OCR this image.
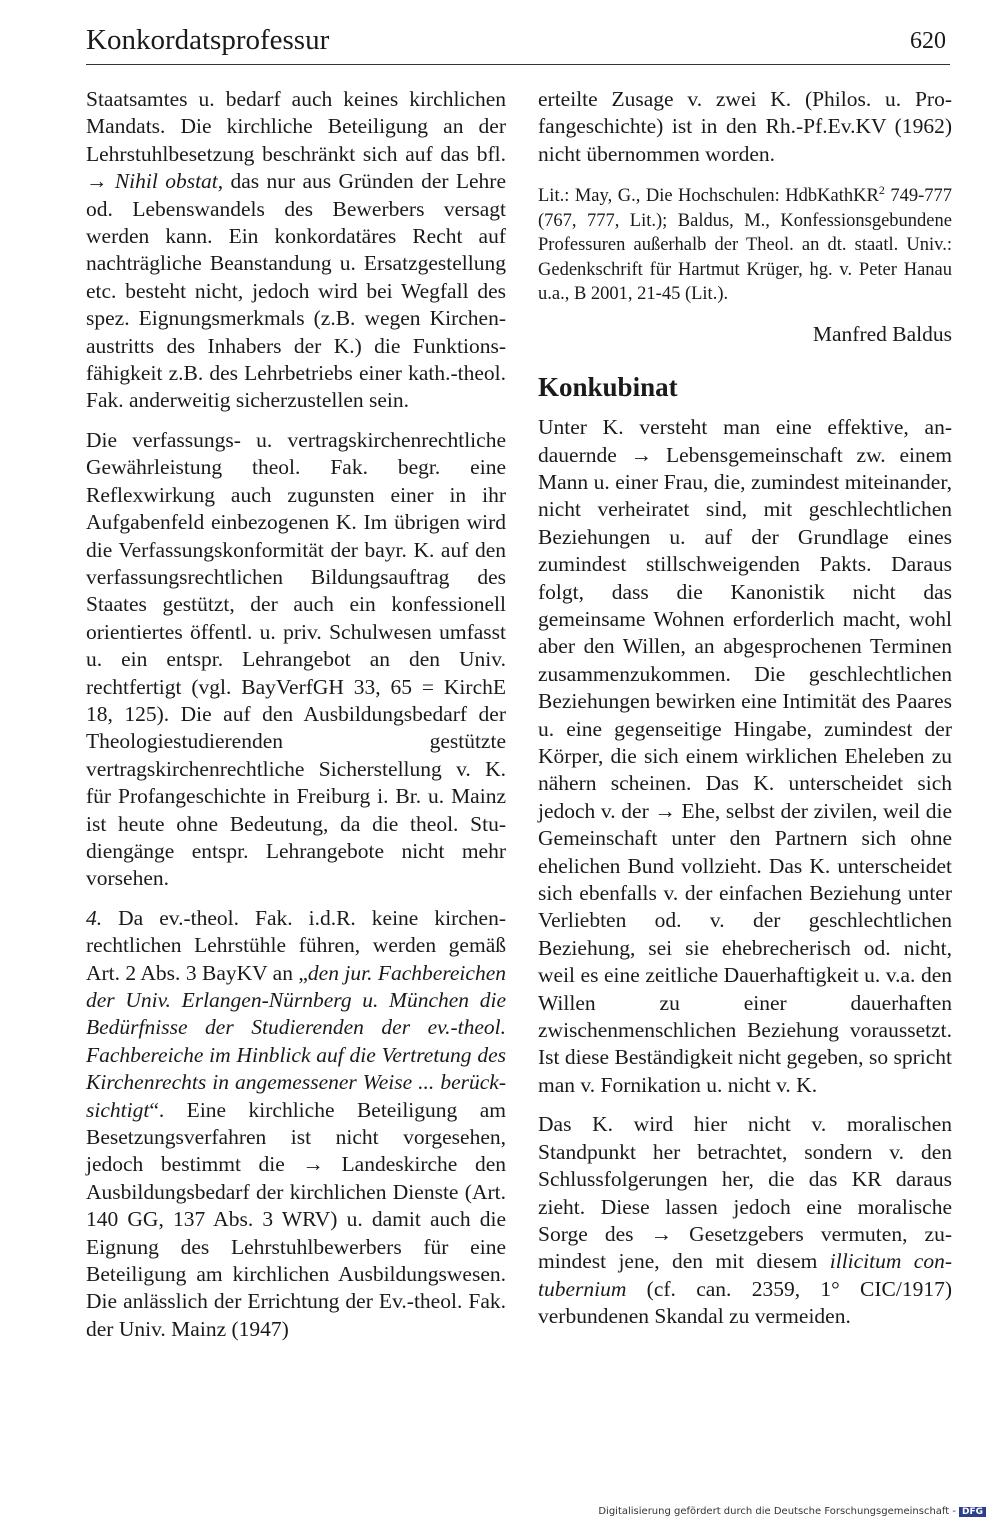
Konkordatsprofessur	620

Staatsamtes u. bedarf auch keines kirchlichen Mandats. Die kirchliche Beteiligung an der Lehrstuhlbesetzung beschränkt sich auf das bfl. → Nihil obstat, das nur aus Gründen der Lehre od. Lebenswandels des Bewerbers versagt werden kann. Ein konkordatäres Recht auf nachträgliche Beanstandung u. Ersatzgestellung etc. besteht nicht, jedoch wird bei Wegfall des spez. Eignungsmerkmals (z.B. wegen Kirchenaustritts des Inhabers der K.) die Funktionsfähigkeit z.B. des Lehrbetriebs einer kath.-theol. Fak. anderweitig sicherzustellen sein.

Die verfassungs- u. vertragskirchenrechtliche Gewährleistung theol. Fak. begr. eine Reflexwirkung auch zugunsten einer in ihr Aufgabenfeld einbezogenen K. Im übrigen wird die Verfassungskonformität der bayr. K. auf den verfassungsrechtlichen Bildungsauftrag des Staates gestützt, der auch ein konfessionell orientiertes öffentl. u. priv. Schulwesen umfasst u. ein entspr. Lehrangebot an den Univ. rechtfertigt (vgl. BayVerfGH 33, 65 = KirchE 18, 125). Die auf den Ausbildungsbedarf der Theologiestudierenden gestützte vertragskirchenrechtliche Sicherstellung v. K. für Profangeschichte in Freiburg i. Br. u. Mainz ist heute ohne Bedeutung, da die theol. Studiengänge entspr. Lehrangebote nicht mehr vorsehen.

4. Da ev.-theol. Fak. i.d.R. keine kirchenrechtlichen Lehrstühle führen, werden gemäß Art. 2 Abs. 3 BayKV an „den jur. Fachbereichen der Univ. Erlangen-Nürnberg u. München die Bedürfnisse der Studierenden der ev.-theol. Fachbereiche im Hinblick auf die Vertretung des Kirchenrechts in angemessener Weise ... berücksichtigt“. Eine kirchliche Beteiligung am Besetzungsverfahren ist nicht vorgesehen, jedoch bestimmt die → Landeskirche den Ausbildungsbedarf der kirchlichen Dienste (Art. 140 GG, 137 Abs. 3 WRV) u. damit auch die Eignung des Lehrstuhlbewerbers für eine Beteiligung am kirchlichen Ausbildungswesen. Die anlässlich der Errichtung der Ev.-theol. Fak. der Univ. Mainz (1947)

erteilte Zusage v. zwei K. (Philos. u. Profangeschichte) ist in den Rh.-Pf.Ev.KV (1962) nicht übernommen worden.

Lit.: May, G., Die Hochschulen: HdbKathKR$^2$ 749-777 (767, 777, Lit.); Baldus, M., Konfessionsgebundene Professuren außerhalb der Theol. an dt. staatl. Univ.: Gedenkschrift für Hartmut Krüger, hg. v. Peter Hanau u.a., B 2001, 21-45 (Lit.).

Manfred Baldus

Konkubinat

Unter K. versteht man eine effektive, andauernde → Lebensgemeinschaft zw. einem Mann u. einer Frau, die, zumindest miteinander, nicht verheiratet sind, mit geschlechtlichen Beziehungen u. auf der Grundlage eines zumindest stillschweigenden Pakts. Daraus folgt, dass die Kanonistik nicht das gemeinsame Wohnen erforderlich macht, wohl aber den Willen, an abgesprochenen Terminen zusammenzukommen. Die geschlechtlichen Beziehungen bewirken eine Intimität des Paares u. eine gegenseitige Hingabe, zumindest der Körper, die sich einem wirklichen Eheleben zu nähern scheinen. Das K. unterscheidet sich jedoch v. der → Ehe, selbst der zivilen, weil die Gemeinschaft unter den Partnern sich ohne ehelichen Bund vollzieht. Das K. unterscheidet sich ebenfalls v. der einfachen Beziehung unter Verliebten od. v. der geschlechtlichen Beziehung, sei sie ehebrecherisch od. nicht, weil es eine zeitliche Dauerhaftigkeit u. v.a. den Willen zu einer dauerhaften zwischenmenschlichen Beziehung voraussetzt. Ist diese Beständigkeit nicht gegeben, so spricht man v. Fornikation u. nicht v. K.

Das K. wird hier nicht v. moralischen Standpunkt her betrachtet, sondern v. den Schlussfolgerungen her, die das KR daraus zieht. Diese lassen jedoch eine moralische Sorge des → Gesetzgebers vermuten, zumindest jene, den mit diesem illicitum contubernium (cf. can. 2359, 1° CIC/1917) verbundenen Skandal zu vermeiden.

Digitalisierung gefördert durch die Deutsche Forschungsgemeinschaft - DFG
